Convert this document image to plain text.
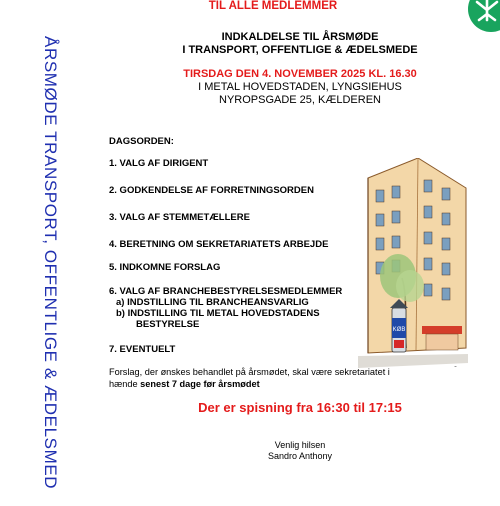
ÅRSMØDE TRANSPORT, OFFENTLIGE & ÆDELSMED
TIL ALLE MEDLEMMER
INDKALDELSE TIL ÅRSMØDE
I TRANSPORT, OFFENTLIGE & ÆDELSMEDE
TIRSDAG DEN 4. NOVEMBER 2025 KL. 16.30
I METAL HOVEDSTADEN, LYNGSIEHUS
NYROPSGADE 25, KÆLDEREN
DAGSORDEN:
1. VALG AF DIRIGENT
2. GODKENDELSE AF FORRETNINGSORDEN
3. VALG AF STEMMETÆLLERE
4. BERETNING OM SEKRETARIATETS ARBEJDE
5. INDKOMNE FORSLAG
6. VALG AF BRANCHEBESTYRELSESMEDLEMMER
a) INDSTILLING TIL BRANCHEANSVARLIG
b) INDSTILLING TIL METAL HOVEDSTADENS
BESTYRELSE
7. EVENTUELT
Forslag, der ønskes behandlet på årsmødet, skal være sekretariatet i
hænde senest 7 dage før årsmødet
Der er spisning fra 16:30 til 17:15
Venlig hilsen
Sandro Anthony
KØB
~
